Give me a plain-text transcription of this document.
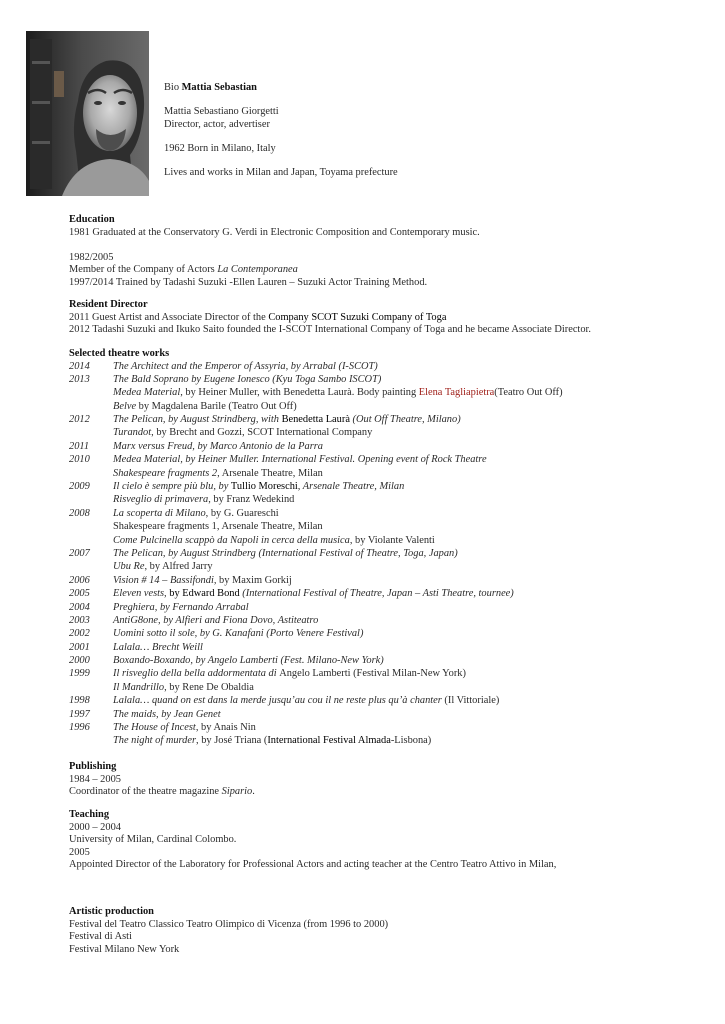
Bio Mattia Sebastian

Mattia Sebastiano Giorgetti
Director, actor, advertiser

1962 Born in Milano, Italy

Lives and works in Milan and Japan, Toyama prefecture

Education

1981 Graduated at the Conservatory G. Verdi in Electronic Composition and Contemporary music.

1982/2005

Member of the Company of Actors La Contemporanea

1997/2014 Trained by Tadashi Suzuki -Ellen Lauren – Suzuki Actor Training Method.

Resident Director

2011 Guest Artist and Associate Director of the Company SCOT Suzuki Company of Toga

2012 Tadashi Suzuki and Ikuko Saito founded the I-SCOT International Company of Toga and he became Associate Director.

Selected theatre works
2014 The Architect and the Emperor of Assyria, by Arrabal (I-SCOT)
2013 The Bald Soprano by Eugene Ionesco (Kyu Toga Sambo ISCOT)
Medea Material, by Heiner Muller, with Benedetta Laurà. Body painting Elena Tagliapietra(Teatro Out Off)
Belve by Magdalena Barile (Teatro Out Off)
2012 The Pelican, by August Strindberg, with Benedetta Laurà (Out Off Theatre, Milano)
Turandot, by Brecht and Gozzi, SCOT International Company
2011 Marx versus Freud, by Marco Antonio de la Parra
2010 Medea Material, by Heiner Muller. International Festival. Opening event of Rock Theatre
Shakespeare fragments 2, Arsenale Theatre, Milan
2009 Il cielo è sempre più blu, by Tullio Moreschi, Arsenale Theatre, Milan
Risveglio di primavera, by Franz Wedekind
2008 La scoperta di Milano, by G. Guareschi
Shakespeare fragments 1, Arsenale Theatre, Milan
Come Pulcinella scappò da Napoli in cerca della musica, by Violante Valenti
2007 The Pelican, by August Strindberg (International Festival of Theatre, Toga, Japan)
Ubu Re, by Alfred Jarry
2006 Vision # 14 – Bassifondi, by Maxim Gorkij
2005 Eleven vests, by Edward Bond (International Festival of Theatre, Japan – Asti Theatre, tournee)
2004 Preghiera, by Fernando Arrabal
2003 AntiG8one, by Alfieri and Fiona Dovo, Astiteatro
2002 Uomini sotto il sole, by G. Kanafani (Porto Venere Festival)
2001 Lalala… Brecht Weill
2000 Boxando-Boxando, by Angelo Lamberti (Fest. Milano-New York)
1999 Il risveglio della bella addormentata di Angelo Lamberti (Festival Milan-New York)
Il Mandrillo, by Rene De Obaldia
1998 Lalala… quand on est dans la merde jusqu’au cou il ne reste plus qu’à chanter (Il Vittoriale)
1997 The maids, by Jean Genet
1996 The House of Incest, by Anais Nin
The night of murder, by José Triana (International Festival Almada-Lisbona)
Publishing

1984 – 2005

Coordinator of the theatre magazine Sipario.

Teaching

2000 – 2004

University of Milan, Cardinal Colombo.

2005

Appointed Director of the Laboratory for Professional Actors and acting teacher at the Centro Teatro Attivo in Milan,

Artistic production

Festival del Teatro Classico Teatro Olimpico di Vicenza (from 1996 to 2000)

Festival di Asti

Festival Milano New York
